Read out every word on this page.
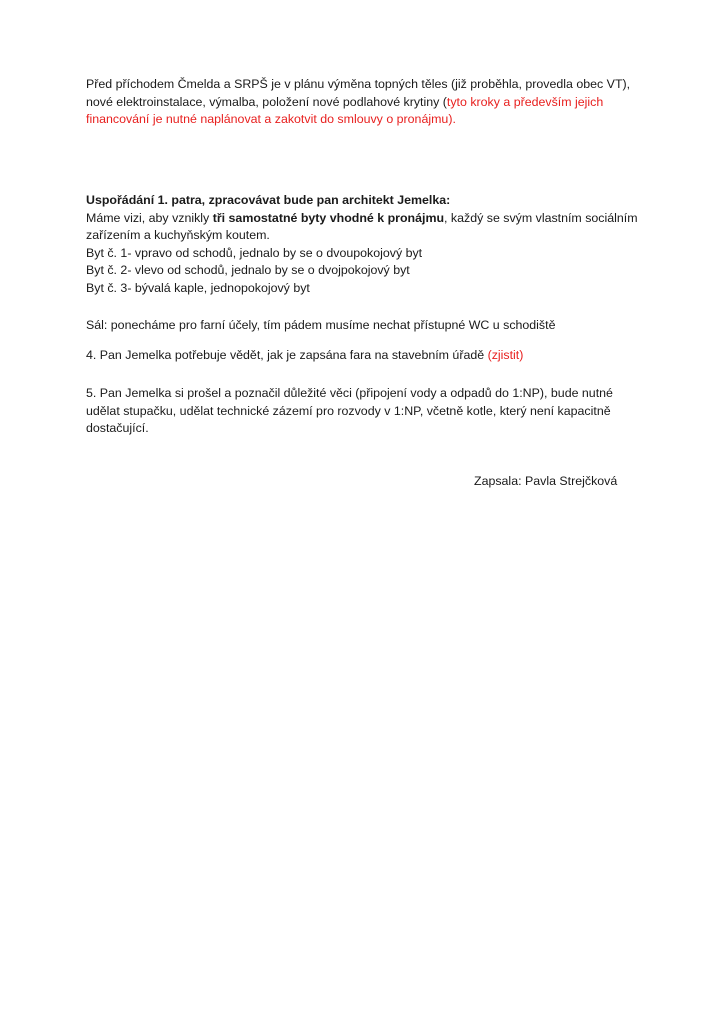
Před příchodem Čmelda a SRPŠ je v plánu výměna topných těles (již proběhla, provedla obec VT),

nové elektroinstalace, výmalba, položení nové podlahové krytiny (tyto kroky a především jejich

financování je nutné naplánovat a zakotvit do smlouvy o pronájmu).

Uspořádání 1. patra, zpracovávat bude pan architekt Jemelka:

Máme vizi, aby vznikly tři samostatné byty vhodné k pronájmu, každý se svým vlastním sociálním

zařízením a kuchyňským koutem.

Byt č. 1- vpravo od schodů, jednalo by se o dvoupokojový byt

Byt č. 2- vlevo od schodů, jednalo by se o dvojpokojový byt

Byt č. 3- bývalá kaple, jednopokojový byt

Sál: ponecháme pro farní účely, tím pádem musíme nechat přístupné WC u schodiště

4. Pan Jemelka potřebuje vědět, jak je zapsána fara na stavebním úřadě (zjistit)

5. Pan Jemelka si prošel a poznačil důležité věci (připojení vody a odpadů do 1:NP), bude nutné

udělat stupačku, udělat technické zázemí pro rozvody v 1:NP, včetně kotle, který není kapacitně

dostačující.

Zapsala: Pavla Strejčková
